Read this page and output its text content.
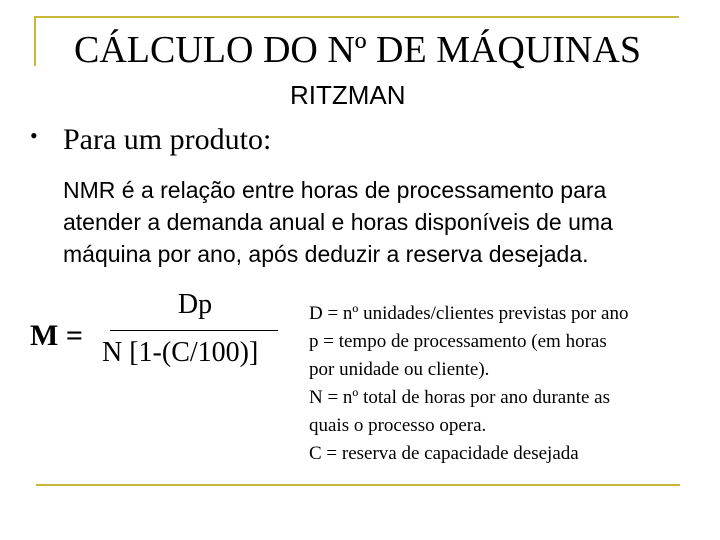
CÁLCULO DO Nº DE MÁQUINAS
RITZMAN
• Para um produto:
NMR é a relação entre horas de processamento para
atender a demanda anual e horas disponíveis de uma
máquina por ano, após deduzir a reserva desejada.
M =
Dp
N [1-(C/100)]
D = nº unidades/clientes previstas por ano
p = tempo de processamento (em horas
por unidade ou cliente).
N = nº total de horas por ano durante as
quais o processo opera.
C = reserva de capacidade desejada
